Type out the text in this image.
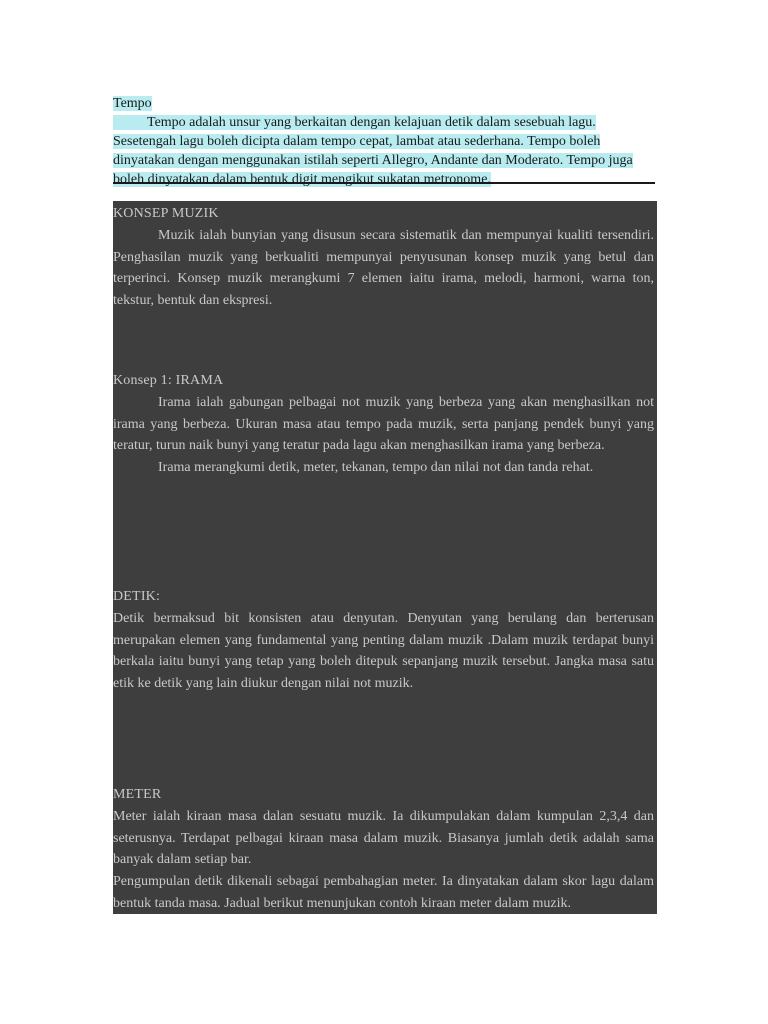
Tempo

Tempo adalah unsur yang berkaitan dengan kelajuan detik dalam sesebuah lagu. Sesetengah lagu boleh dicipta dalam tempo cepat, lambat atau sederhana. Tempo boleh dinyatakan dengan menggunakan istilah seperti Allegro, Andante dan Moderato. Tempo juga boleh dinyatakan dalam bentuk digit mengikut sukatan metronome.

KONSEP MUZIK

Muzik ialah bunyian yang disusun secara sistematik dan mempunyai kualiti tersendiri. Penghasilan muzik yang berkualiti mempunyai penyusunan konsep muzik yang betul dan terperinci. Konsep muzik merangkumi 7 elemen iaitu irama, melodi, harmoni, warna ton, tekstur, bentuk dan ekspresi.

Konsep 1: IRAMA

Irama ialah gabungan pelbagai not muzik yang berbeza yang akan menghasilkan not irama yang berbeza. Ukuran masa atau tempo pada muzik, serta panjang pendek bunyi yang teratur, turun naik bunyi yang teratur pada lagu akan menghasilkan irama yang berbeza.

Irama merangkumi detik, meter, tekanan, tempo dan nilai not dan tanda rehat.

DETIK:

Detik bermaksud bit konsisten atau denyutan. Denyutan yang berulang dan berterusan merupakan elemen yang fundamental yang penting dalam muzik .Dalam muzik terdapat bunyi berkala iaitu bunyi yang tetap yang boleh ditepuk sepanjang muzik tersebut. Jangka masa satu etik ke detik yang lain diukur dengan nilai not muzik.

METER

Meter ialah kiraan masa dalan sesuatu muzik. Ia dikumpulakan dalam kumpulan 2,3,4 dan seterusnya. Terdapat pelbagai kiraan masa dalam muzik. Biasanya jumlah detik adalah sama banyak dalam setiap bar.

Pengumpulan detik dikenali sebagai pembahagian meter. Ia dinyatakan dalam skor lagu dalam bentuk tanda masa. Jadual berikut menunjukan contoh kiraan meter dalam muzik.
